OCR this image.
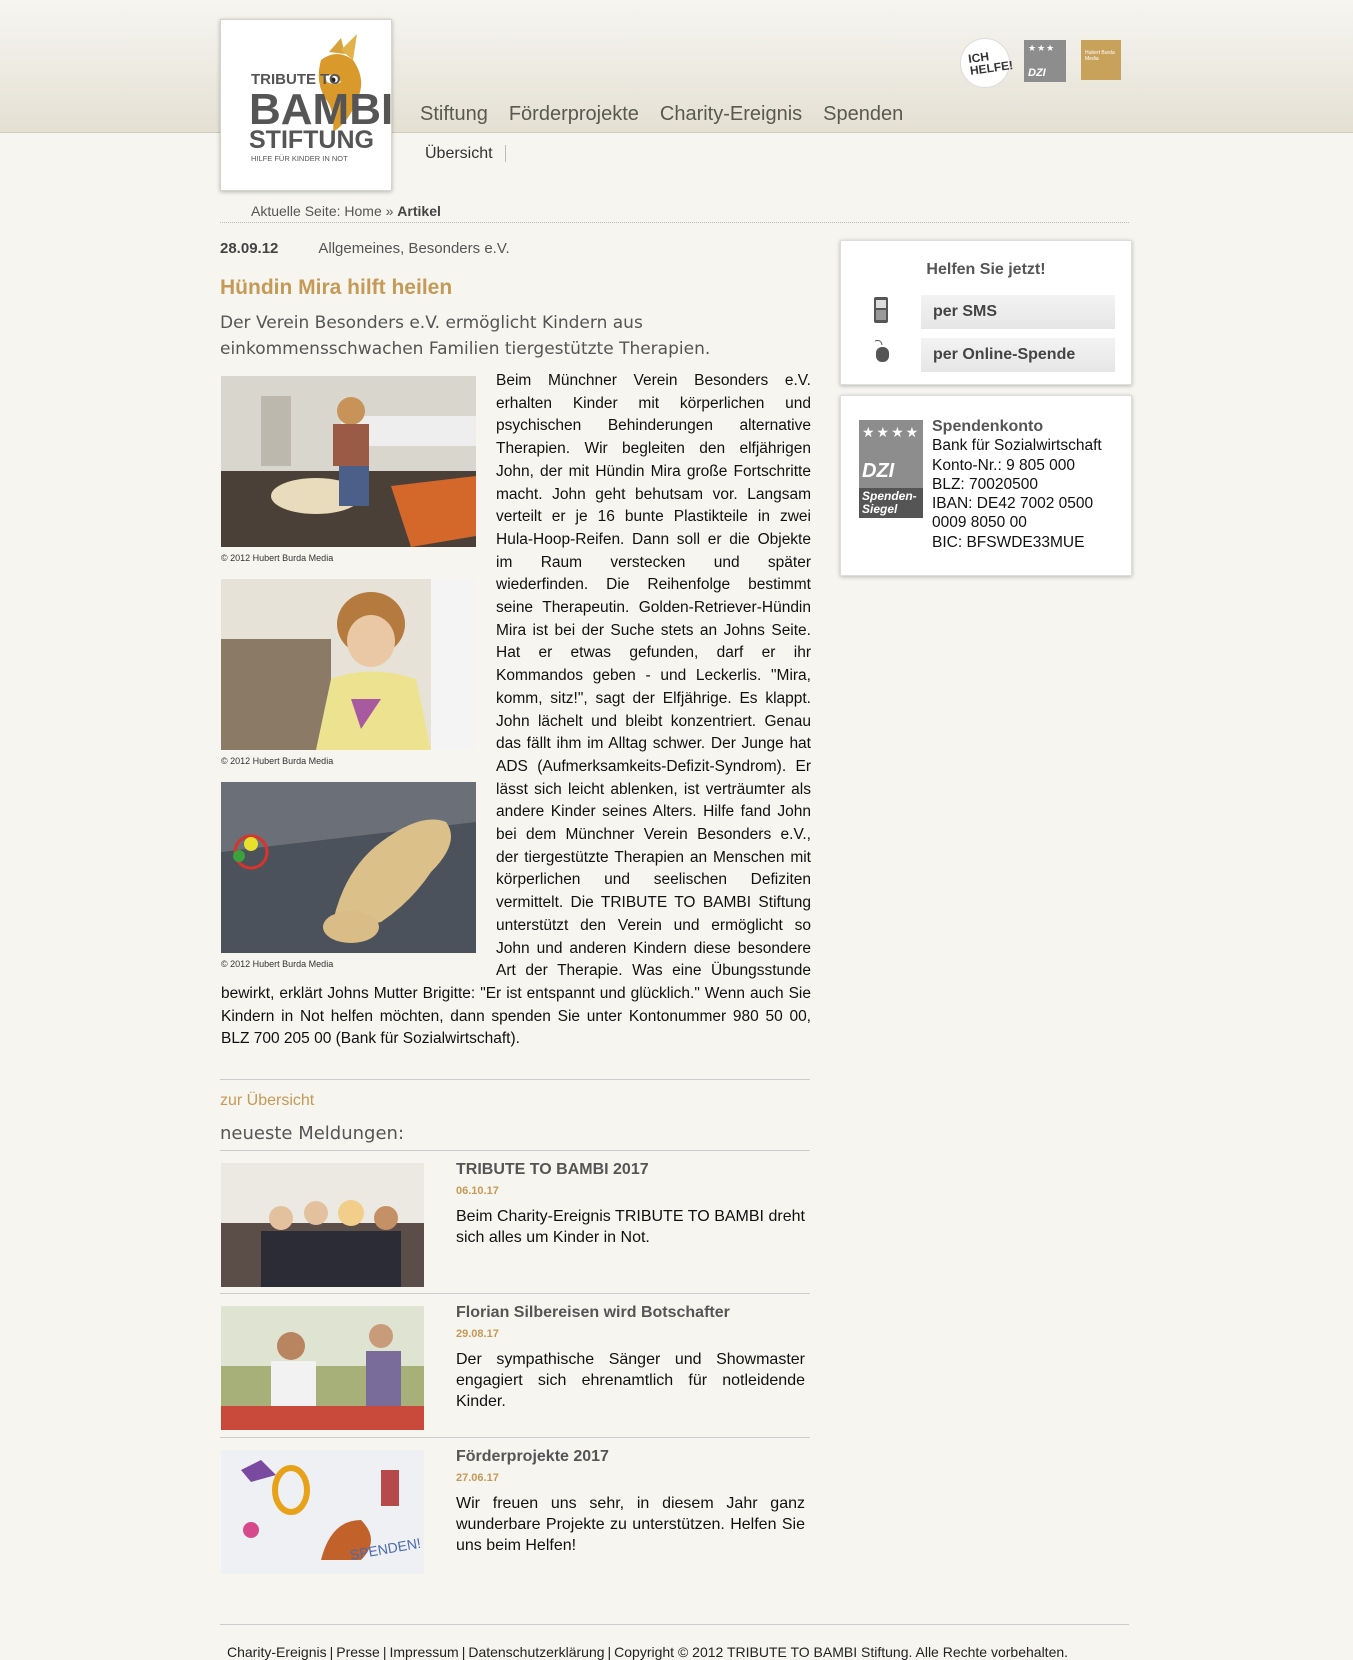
TRIBUTE TO
BAMBI
STIFTUNG
HILFE FÜR KINDER IN NOT
ICH HELFE!
★★★
DZI
Hubert Burda Media
Stiftung Förderprojekte Charity-Ereignis Spenden
Übersicht
Aktuelle Seite: Home » Artikel
28.09.12	Allgemeines, Besonders e.V.
Hündin Mira hilft heilen

Der Verein Besonders e.V. ermöglicht Kindern aus einkommensschwachen Familien tiergestützte Therapien.

© 2012 Hubert Burda Media
© 2012 Hubert Burda Media
© 2012 Hubert Burda Media
Beim Münchner Verein Besonders e.V. erhalten Kinder mit körperlichen und psychischen Behinderungen alternative Therapien. Wir begleiten den elfjährigen John, der mit Hündin Mira große Fortschritte macht. John geht behutsam vor. Langsam verteilt er je 16 bunte Plastikteile in zwei Hula-Hoop-Reifen. Dann soll er die Objekte im Raum verstecken und später wiederfinden. Die Reihenfolge bestimmt seine Therapeutin. Golden-Retriever-Hündin Mira ist bei der Suche stets an Johns Seite. Hat er etwas gefunden, darf er ihr Kommandos geben - und Leckerlis. "Mira, komm, sitz!", sagt der Elfjährige. Es klappt. John lächelt und bleibt konzentriert. Genau das fällt ihm im Alltag schwer. Der Junge hat ADS (Aufmerksamkeits-Defizit-Syndrom). Er lässt sich leicht ablenken, ist verträumter als andere Kinder seines Alters. Hilfe fand John bei dem Münchner Verein Besonders e.V., der tiergestützte Therapien an Menschen mit körperlichen und seelischen Defiziten vermittelt. Die TRIBUTE TO BAMBI Stiftung unterstützt den Verein und ermöglicht so John und anderen Kindern diese besondere Art der Therapie. Was eine Übungsstunde bewirkt, erklärt Johns Mutter Brigitte: "Er ist entspannt und glücklich." Wenn auch Sie Kindern in Not helfen möchten, dann spenden Sie unter Kontonummer 980 50 00, BLZ 700 205 00 (Bank für Sozialwirtschaft).
zur Übersicht
neueste Meldungen:
TRIBUTE TO BAMBI 2017
06.10.17

Beim Charity-Ereignis TRIBUTE TO BAMBI dreht sich alles um Kinder in Not.

Florian Silbereisen wird Botschafter
29.08.17

Der sympathische Sänger und Showmaster engagiert sich ehrenamtlich für notleidende Kinder.

SPENDEN!
Förderprojekte 2017
27.06.17

Wir freuen uns sehr, in diesem Jahr ganz wunderbare Projekte zu unterstützen. Helfen Sie uns beim Helfen!

Helfen Sie jetzt!
per SMS
per Online-Spende
★★★★
DZI
Spenden-Siegel
Spendenkonto
Bank für Sozialwirtschaft
Konto-Nr.: 9 805 000
BLZ: 70020500
IBAN: DE42 7002 0500
0009 8050 00
BIC: BFSWDE33MUE
Charity-Ereignis | Presse | Impressum | Datenschutzerklärung | Copyright © 2012 TRIBUTE TO BAMBI Stiftung. Alle Rechte vorbehalten.
